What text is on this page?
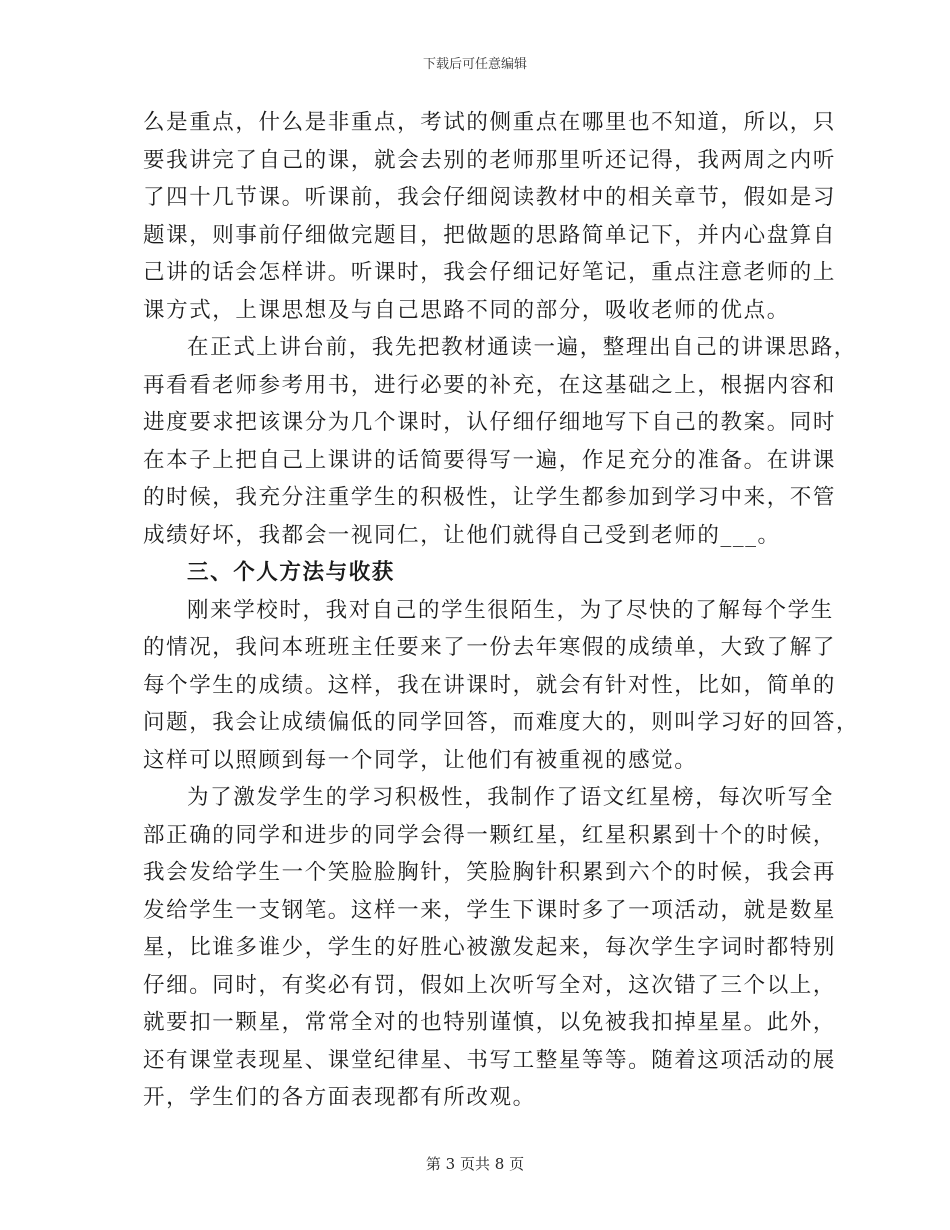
下载后可任意编辑
么是重点，什么是非重点，考试的侧重点在哪里也不知道，所以，只
要我讲完了自己的课，就会去别的老师那里听还记得，我两周之内听
了四十几节课。听课前，我会仔细阅读教材中的相关章节，假如是习
题课，则事前仔细做完题目，把做题的思路简单记下，并内心盘算自
己讲的话会怎样讲。听课时，我会仔细记好笔记，重点注意老师的上
课方式，上课思想及与自己思路不同的部分，吸收老师的优点。
在正式上讲台前，我先把教材通读一遍，整理出自己的讲课思路，
再看看老师参考用书，进行必要的补充，在这基础之上，根据内容和
进度要求把该课分为几个课时，认仔细仔细地写下自己的教案。同时
在本子上把自己上课讲的话简要得写一遍，作足充分的准备。在讲课
的时候，我充分注重学生的积极性，让学生都参加到学习中来，不管
成绩好坏，我都会一视同仁，让他们就得自己受到老师的___。
三、个人方法与收获
刚来学校时，我对自己的学生很陌生，为了尽快的了解每个学生
的情况，我问本班班主任要来了一份去年寒假的成绩单，大致了解了
每个学生的成绩。这样，我在讲课时，就会有针对性，比如，简单的
问题，我会让成绩偏低的同学回答，而难度大的，则叫学习好的回答，
这样可以照顾到每一个同学，让他们有被重视的感觉。
为了激发学生的学习积极性，我制作了语文红星榜，每次听写全
部正确的同学和进步的同学会得一颗红星，红星积累到十个的时候，
我会发给学生一个笑脸脸胸针，笑脸胸针积累到六个的时候，我会再
发给学生一支钢笔。这样一来，学生下课时多了一项活动，就是数星
星，比谁多谁少，学生的好胜心被激发起来，每次学生字词时都特别
仔细。同时，有奖必有罚，假如上次听写全对，这次错了三个以上，
就要扣一颗星，常常全对的也特别谨慎，以免被我扣掉星星。此外，
还有课堂表现星、课堂纪律星、书写工整星等等。随着这项活动的展
开，学生们的各方面表现都有所改观。
第 3 页共 8 页
